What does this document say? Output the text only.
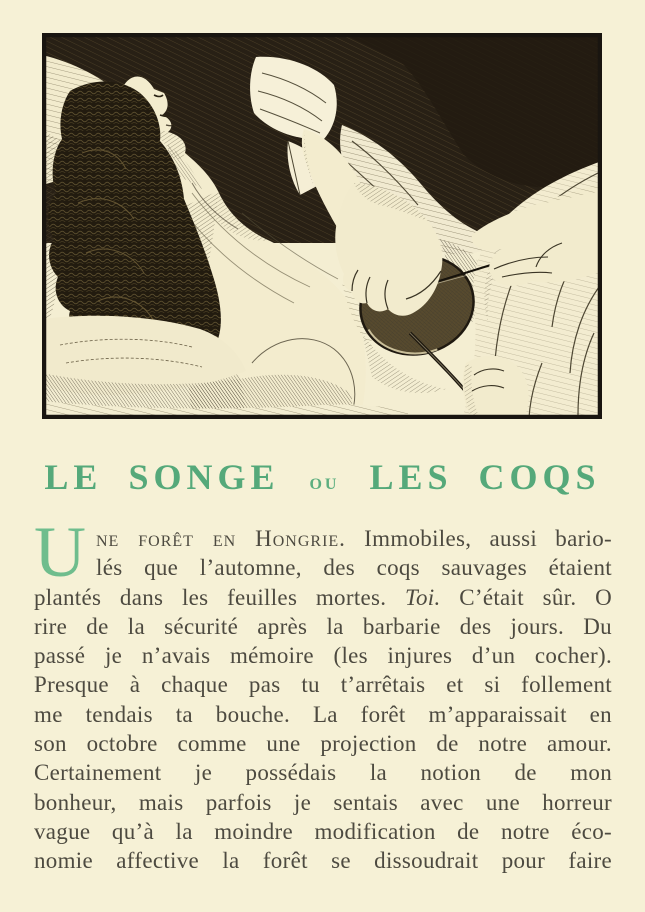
LE SONGE ou LES COQS
U ne forêt en Hongrie. Immobiles, aussi bario-
lés que l’automne, des coqs sauvages étaient
plantés dans les feuilles mortes. Toi. C’était sûr. O
rire de la sécurité après la barbarie des jours. Du
passé je n’avais mémoire (les injures d’un cocher).
Presque à chaque pas tu t’arrêtais et si follement
me tendais ta bouche. La forêt m’apparaissait en
son octobre comme une projection de notre amour.
Certainement je possédais la notion de mon
bonheur, mais parfois je sentais avec une horreur
vague qu’à la moindre modification de notre éco-
nomie affective la forêt se dissoudrait pour faire
